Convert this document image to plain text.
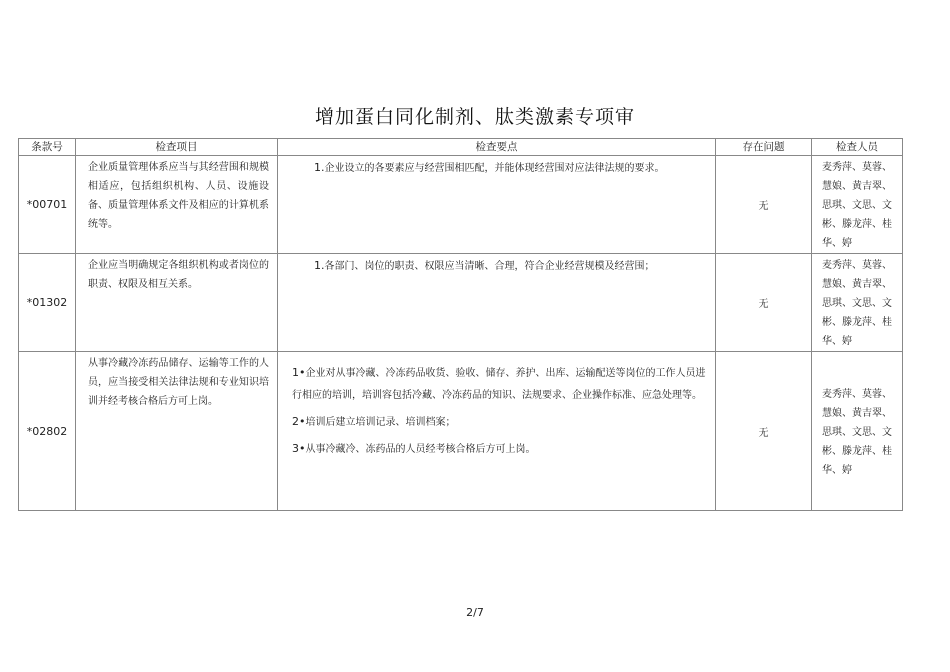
增加蛋白同化制剂、肽类激素专项审
条款号	检查项目	检查要点	存在问题	检查人员
*00701	企业质量管理体系应当与其经营围和规模相适应，包括组织机构、人员、设施设备、质量管理体系文件及相应的计算机系统等。	1.企业设立的各要素应与经营围相匹配，并能体现经营围对应法律法规的要求。	无	麦秀萍、莫蓉、慧娘、黄吉翠、思琪、文思、文彬、滕龙萍、桂华、婷
*01302	企业应当明确规定各组织机构或者岗位的职责、权限及相互关系。	1.各部门、岗位的职责、权限应当清晰、合理，符合企业经营规模及经营围；	无	麦秀萍、莫蓉、慧娘、黄吉翠、思琪、文思、文彬、滕龙萍、桂华、婷
*02802	从事冷藏冷冻药品储存、运输等工作的人员，应当接受相关法律法规和专业知识培训并经考核合格后方可上岗。	1•企业对从事冷藏、冷冻药品收货、验收、储存、养护、出库、运输配送等岗位的工作人员进行相应的培训，培训容包括冷藏、冷冻药品的知识、法规要求、企业操作标准、应急处理等。

2•培训后建立培训记录、培训档案；

3•从事冷藏冷、冻药品的人员经考核合格后方可上岗。	无	麦秀萍、莫蓉、慧娘、黄吉翠、思琪、文思、文彬、滕龙萍、桂华、婷
2/7
